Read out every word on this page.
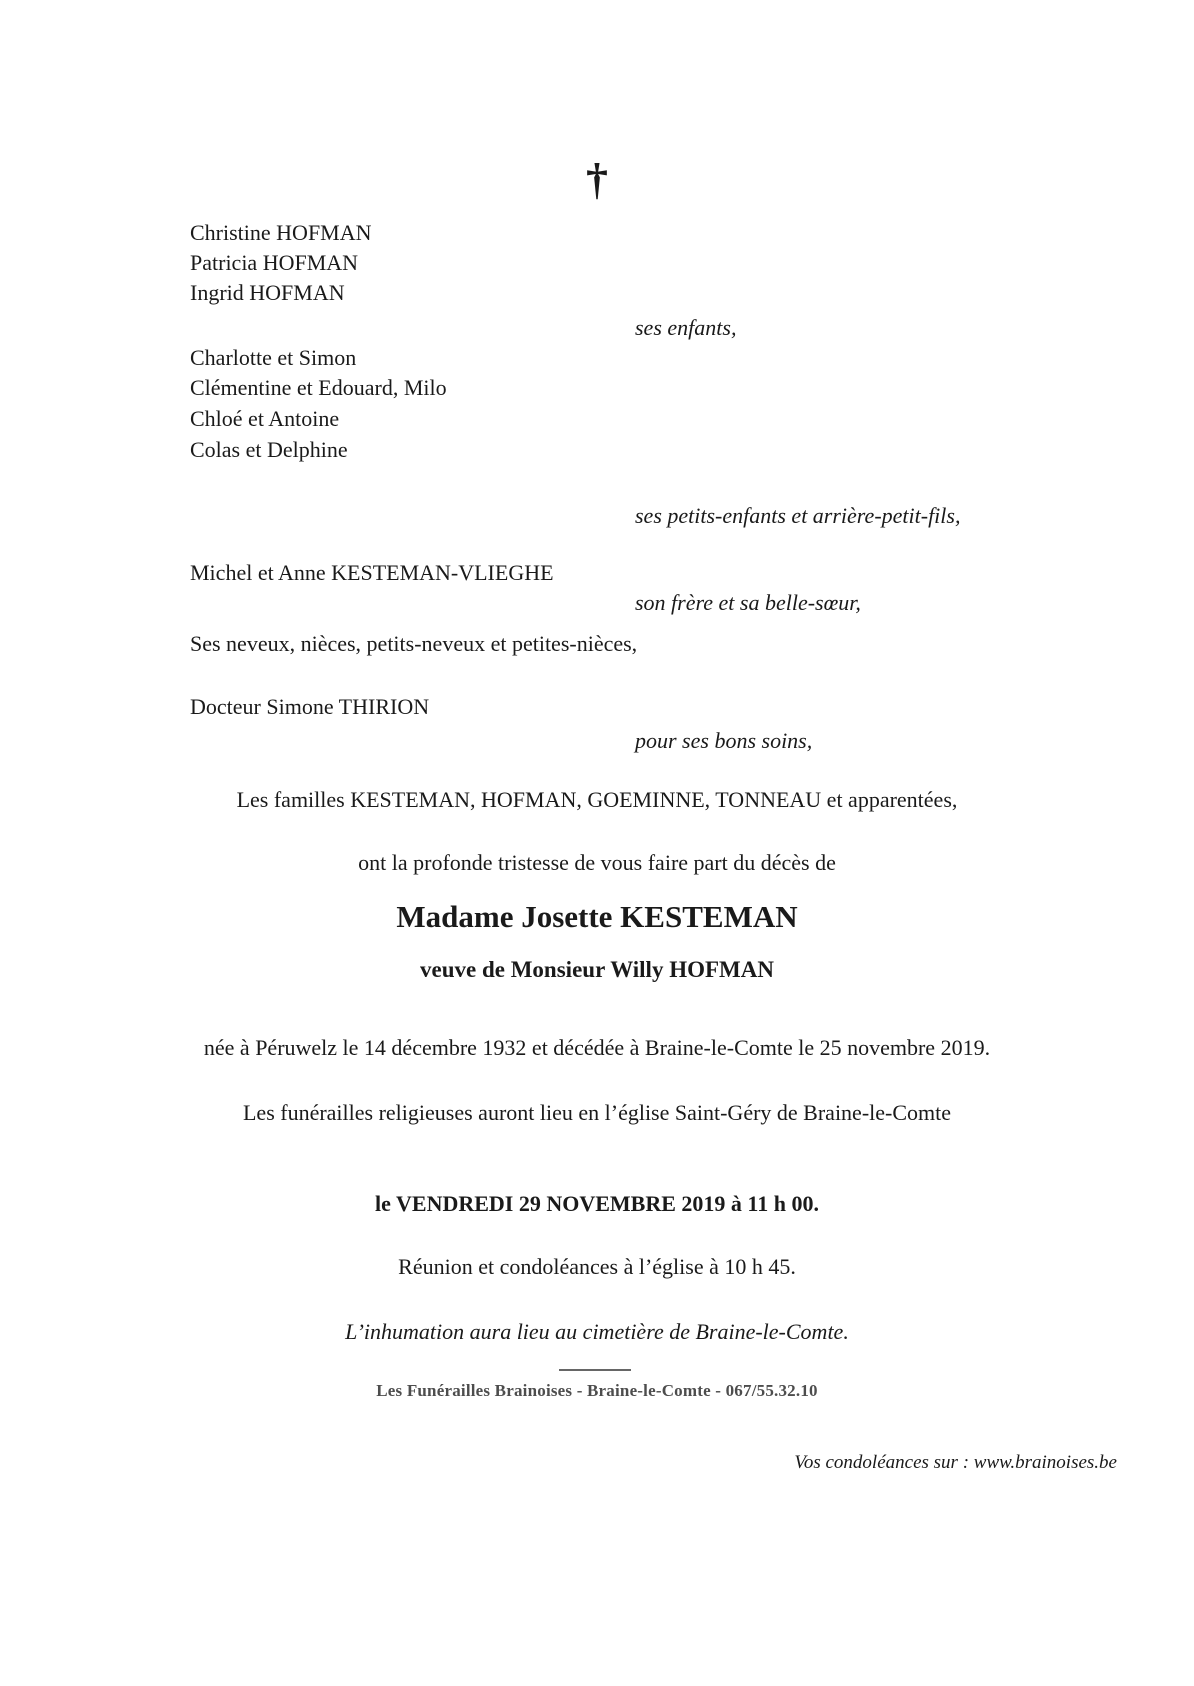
†
Christine HOFMAN
Patricia HOFMAN
Ingrid HOFMAN
ses enfants,
Charlotte et Simon
Clémentine et Edouard, Milo
Chloé et Antoine
Colas et Delphine
ses petits-enfants et arrière-petit-fils,
Michel et Anne KESTEMAN-VLIEGHE
son frère et sa belle-sœur,
Ses neveux, nièces, petits-neveux et petites-nièces,
Docteur Simone THIRION
pour ses bons soins,
Les familles KESTEMAN, HOFMAN, GOEMINNE, TONNEAU et apparentées,
ont la profonde tristesse de vous faire part du décès de
Madame Josette KESTEMAN
veuve de Monsieur Willy HOFMAN
née à Péruwelz le 14 décembre 1932 et décédée à Braine-le-Comte le 25 novembre 2019.
Les funérailles religieuses auront lieu en l’église Saint-Géry de Braine-le-Comte
le VENDREDI 29 NOVEMBRE 2019 à 11 h 00.
Réunion et condoléances à l’église à 10 h 45.
L’inhumation aura lieu au cimetière de Braine-le-Comte.
Les Funérailles Brainoises - Braine-le-Comte - 067/55.32.10
Vos condoléances sur : www.brainoises.be
